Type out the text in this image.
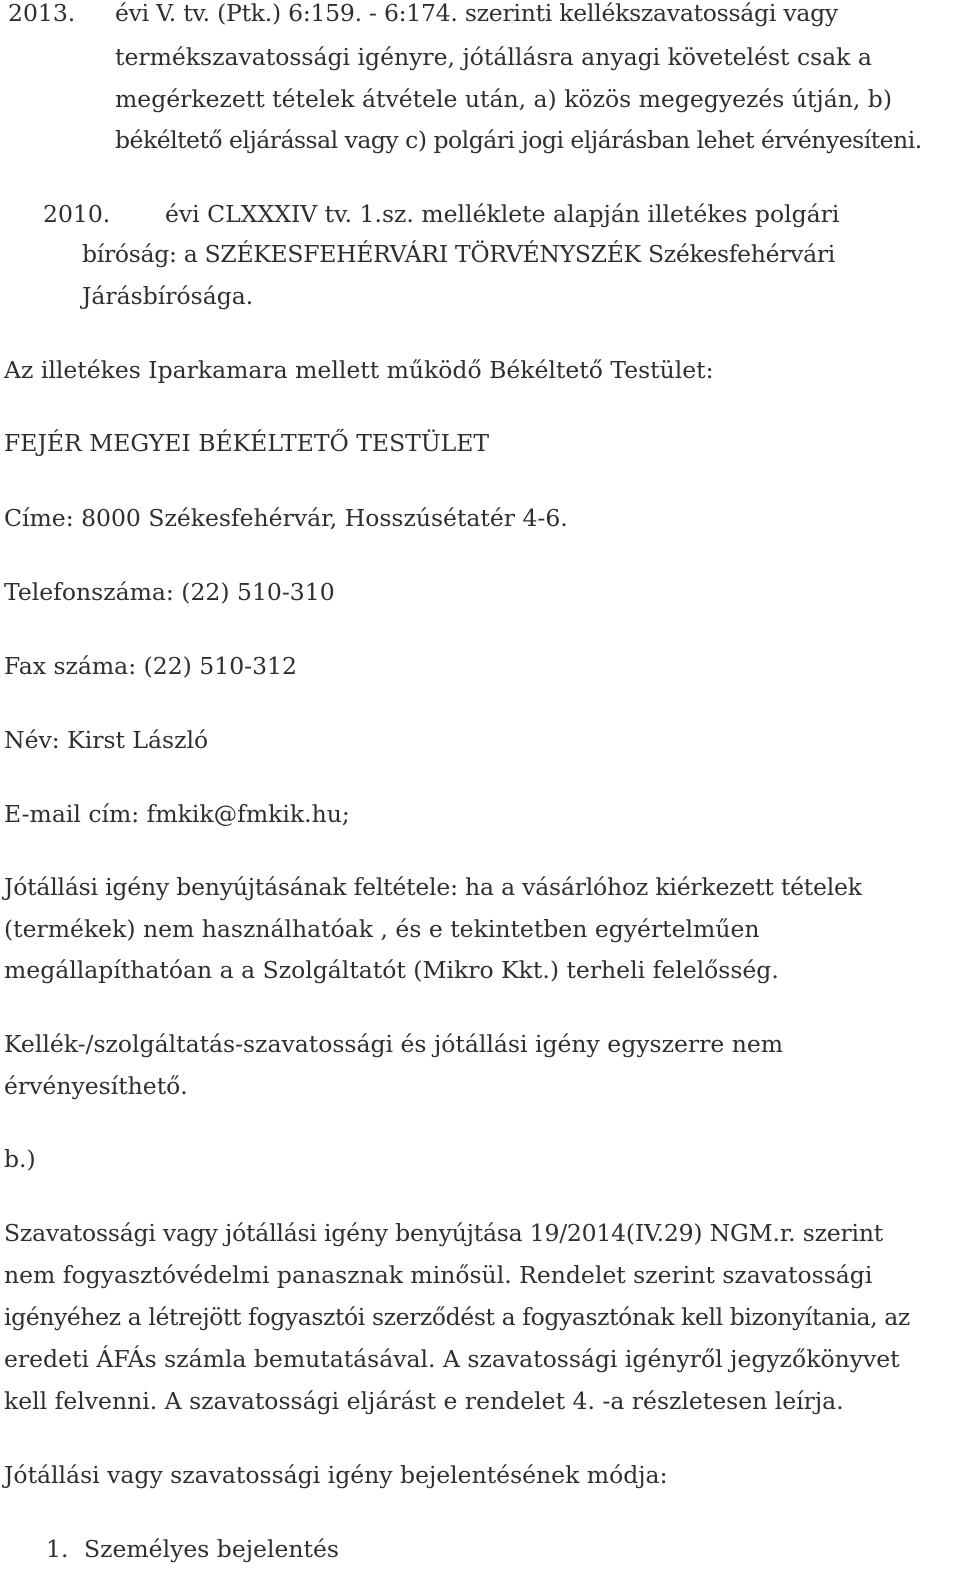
2013. évi V. tv. (Ptk.) 6:159. - 6:174. szerinti kellékszavatossági vagy
termékszavatossági igényre, jótállásra anyagi követelést csak a
megérkezett tételek átvétele után, a) közös megegyezés útján, b)
békéltető eljárással vagy c) polgári jogi eljárásban lehet érvényesíteni.
2010. évi CLXXXIV tv. 1.sz. melléklete alapján illetékes polgári
bíróság: a SZÉKESFEHÉRVÁRI TÖRVÉNYSZÉK Székesfehérvári
Járásbírósága.
Az illetékes Iparkamara mellett működő Békéltető Testület:
FEJÉR MEGYEI BÉKÉLTETŐ TESTÜLET
Címe: 8000 Székesfehérvár, Hosszúsétatér 4-6.
Telefonszáma: (22) 510-310
Fax száma: (22) 510-312
Név: Kirst László
E-mail cím: fmkik@fmkik.hu;
Jótállási igény benyújtásának feltétele: ha a vásárlóhoz kiérkezett tételek
(termékek) nem használhatóak , és e tekintetben egyértelműen
megállapíthatóan a a Szolgáltatót (Mikro Kkt.) terheli felelősség.
Kellék-/szolgáltatás-szavatossági és jótállási igény egyszerre nem
érvényesíthető.
b.)
Szavatossági vagy jótállási igény benyújtása 19/2014(IV.29) NGM.r. szerint
nem fogyasztóvédelmi panasznak minősül. Rendelet szerint szavatossági
igényéhez a létrejött fogyasztói szerződést a fogyasztónak kell bizonyítania, az
eredeti ÁFÁs számla bemutatásával. A szavatossági igényről jegyzőkönyvet
kell felvenni. A szavatossági eljárást e rendelet 4. -a részletesen leírja.
Jótállási vagy szavatossági igény bejelentésének módja:
1. Személyes bejelentés
